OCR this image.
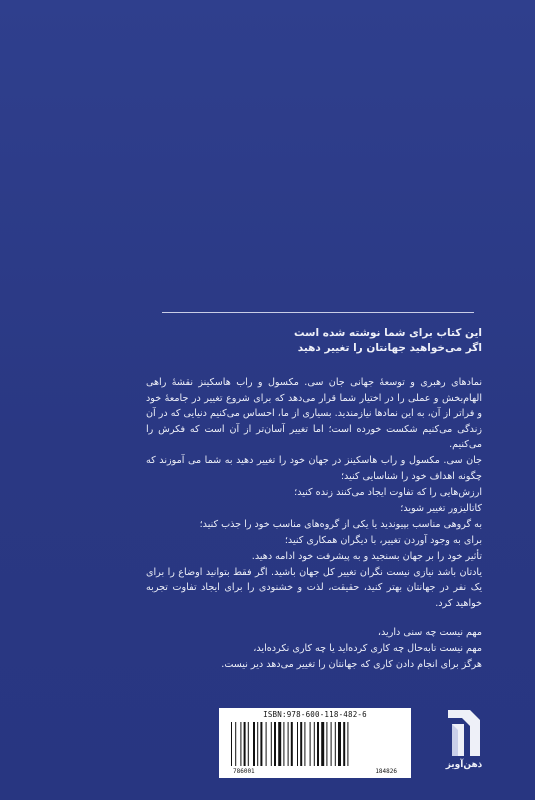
این کتاب برای شما نوشته شده است

اگر می‌خواهید جهانتان را تغییر دهید

نمادهای رهبری و توسعهٔ جهانی جان سی. مکسول و راب هاسکینز نقشهٔ راهی الهام‌بخش و عملی را در اختیار شما قرار می‌دهد که برای شروع تغییر در جامعهٔ خود و فراتر از آن، به این نمادها نیازمندید. بسیاری از ما، احساس می‌کنیم دنیایی که در آن زندگی می‌کنیم شکست خورده است؛ اما تغییر آسان‌تر از آن است که فکرش را می‌کنیم.

جان سی. مکسول و راب هاسکینز در جهان خود را تغییر دهید به شما می آموزند که چگونه اهداف خود را شناسایی کنید؛
ارزش‌هایی را که تفاوت ایجاد می‌کنند زنده کنید؛
کاتالیزور تغییر شوید؛
به گروهی مناسب بپیوندید یا یکی از گروه‌های مناسب خود را جذب کنید؛
برای به وجود آوردن تغییر، با دیگران همکاری کنید؛
تأثیر خود را بر جهان بسنجید و به پیشرفت خود ادامه دهید.

یادتان باشد نیازی نیست نگران تغییر کل جهان باشید. اگر فقط بتوانید اوضاع را برای یک نفر در جهانتان بهتر کنید، حقیقت، لذت و خشنودی را برای ایجاد تفاوت تجربه خواهید کرد.

مهم نیست چه سنی دارید،

مهم نیست تابه‌حال چه کاری کرده‌اید یا چه کاری نکرده‌اید،

هرگز برای انجام دادن کاری که جهانتان را تغییر می‌دهد دیر نیست.

ISBN:978-600-118-482-6
786001	184826
ذهن‌آویز
